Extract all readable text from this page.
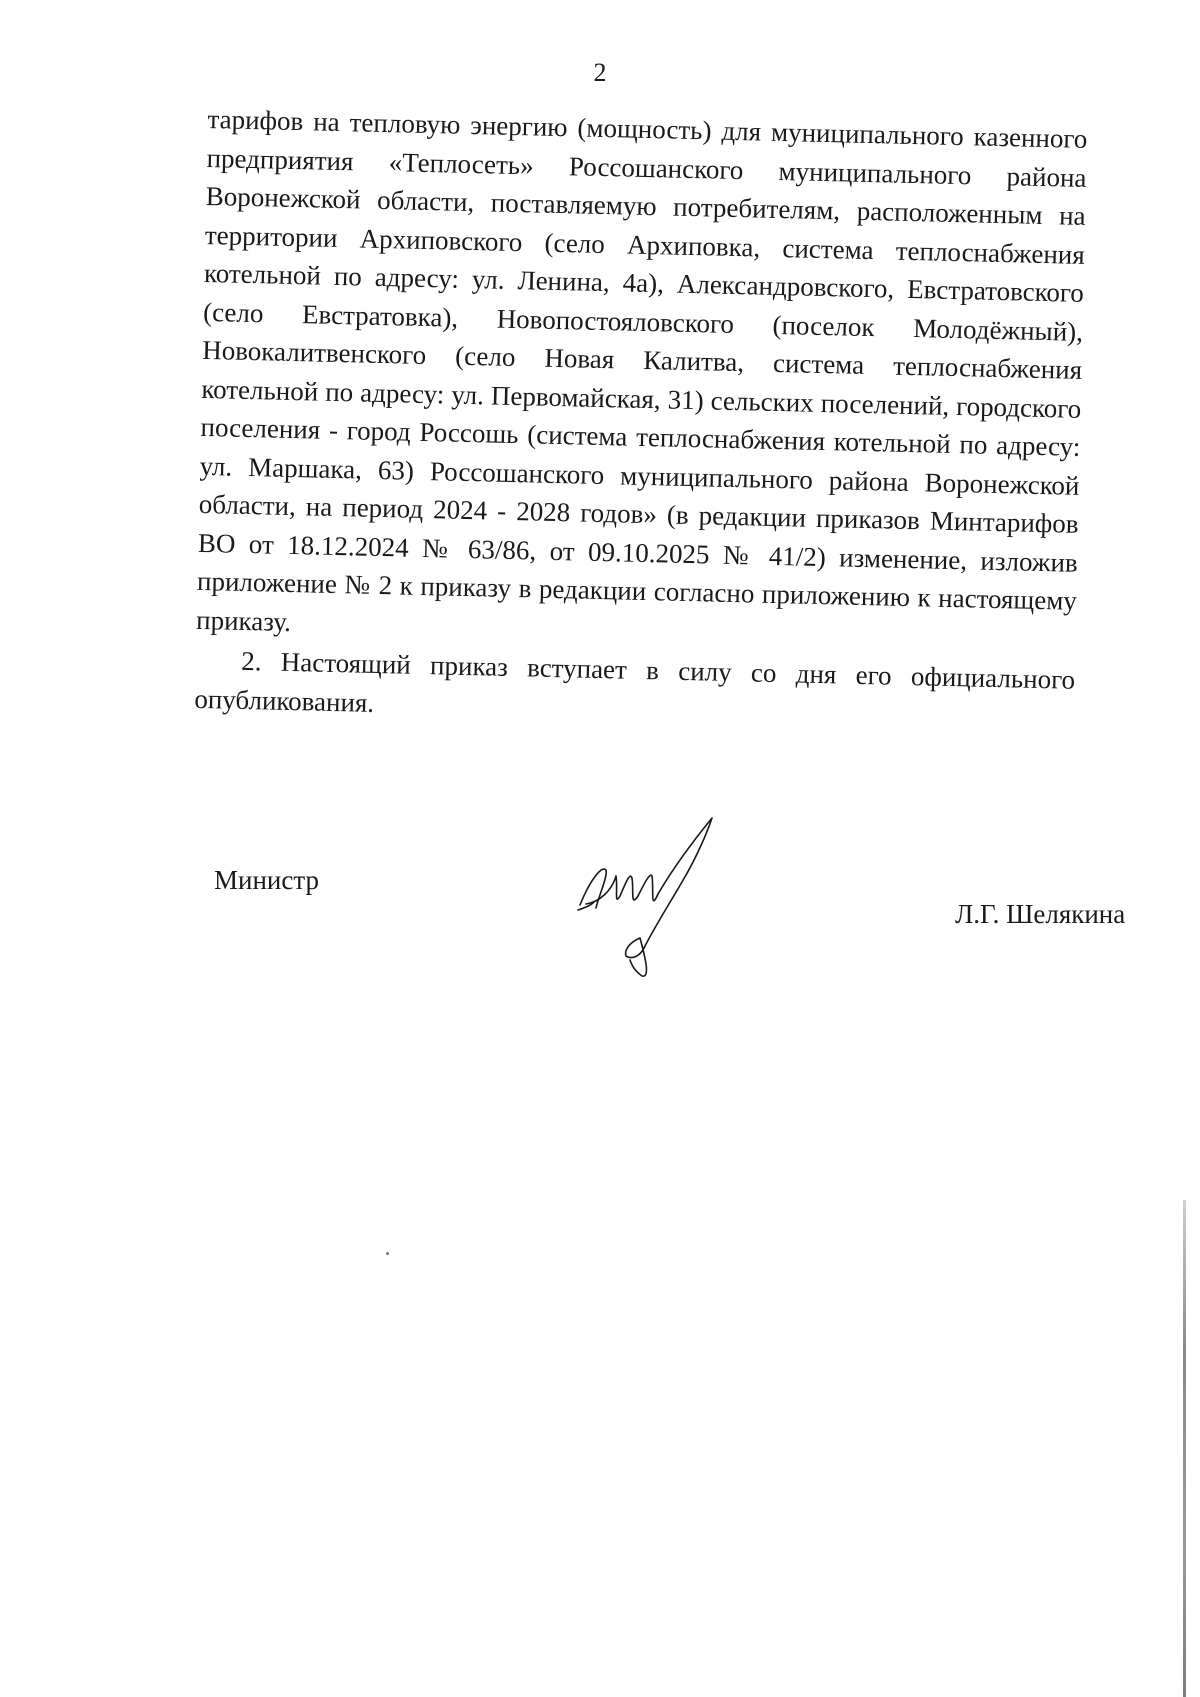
2

тарифов на тепловую энергию (мощность) для муниципального казенного предприятия «Теплосеть» Россошанского муниципального района Воронежской области, поставляемую потребителям, расположенным на территории Архиповского (село Архиповка, система теплоснабжения котельной по адресу: ул. Ленина, 4а), Александровского, Евстратовского (село Евстратовка), Новопостояловского (поселок Молодёжный), Новокалитвенского (село Новая Калитва, система теплоснабжения котельной по адресу: ул. Первомайская, 31) сельских поселений, городского поселения - город Россошь (система теплоснабжения котельной по адресу: ул. Маршака, 63) Россошанского муниципального района Воронежской области, на период 2024 - 2028 годов» (в редакции приказов Минтарифов ВО от 18.12.2024 № 63/86, от 09.10.2025 № 41/2) изменение, изложив приложение № 2 к приказу в редакции согласно приложению к настоящему приказу.

2. Настоящий приказ вступает в силу со дня его официального опубликования.

Министр
Л.Г. Шелякина
